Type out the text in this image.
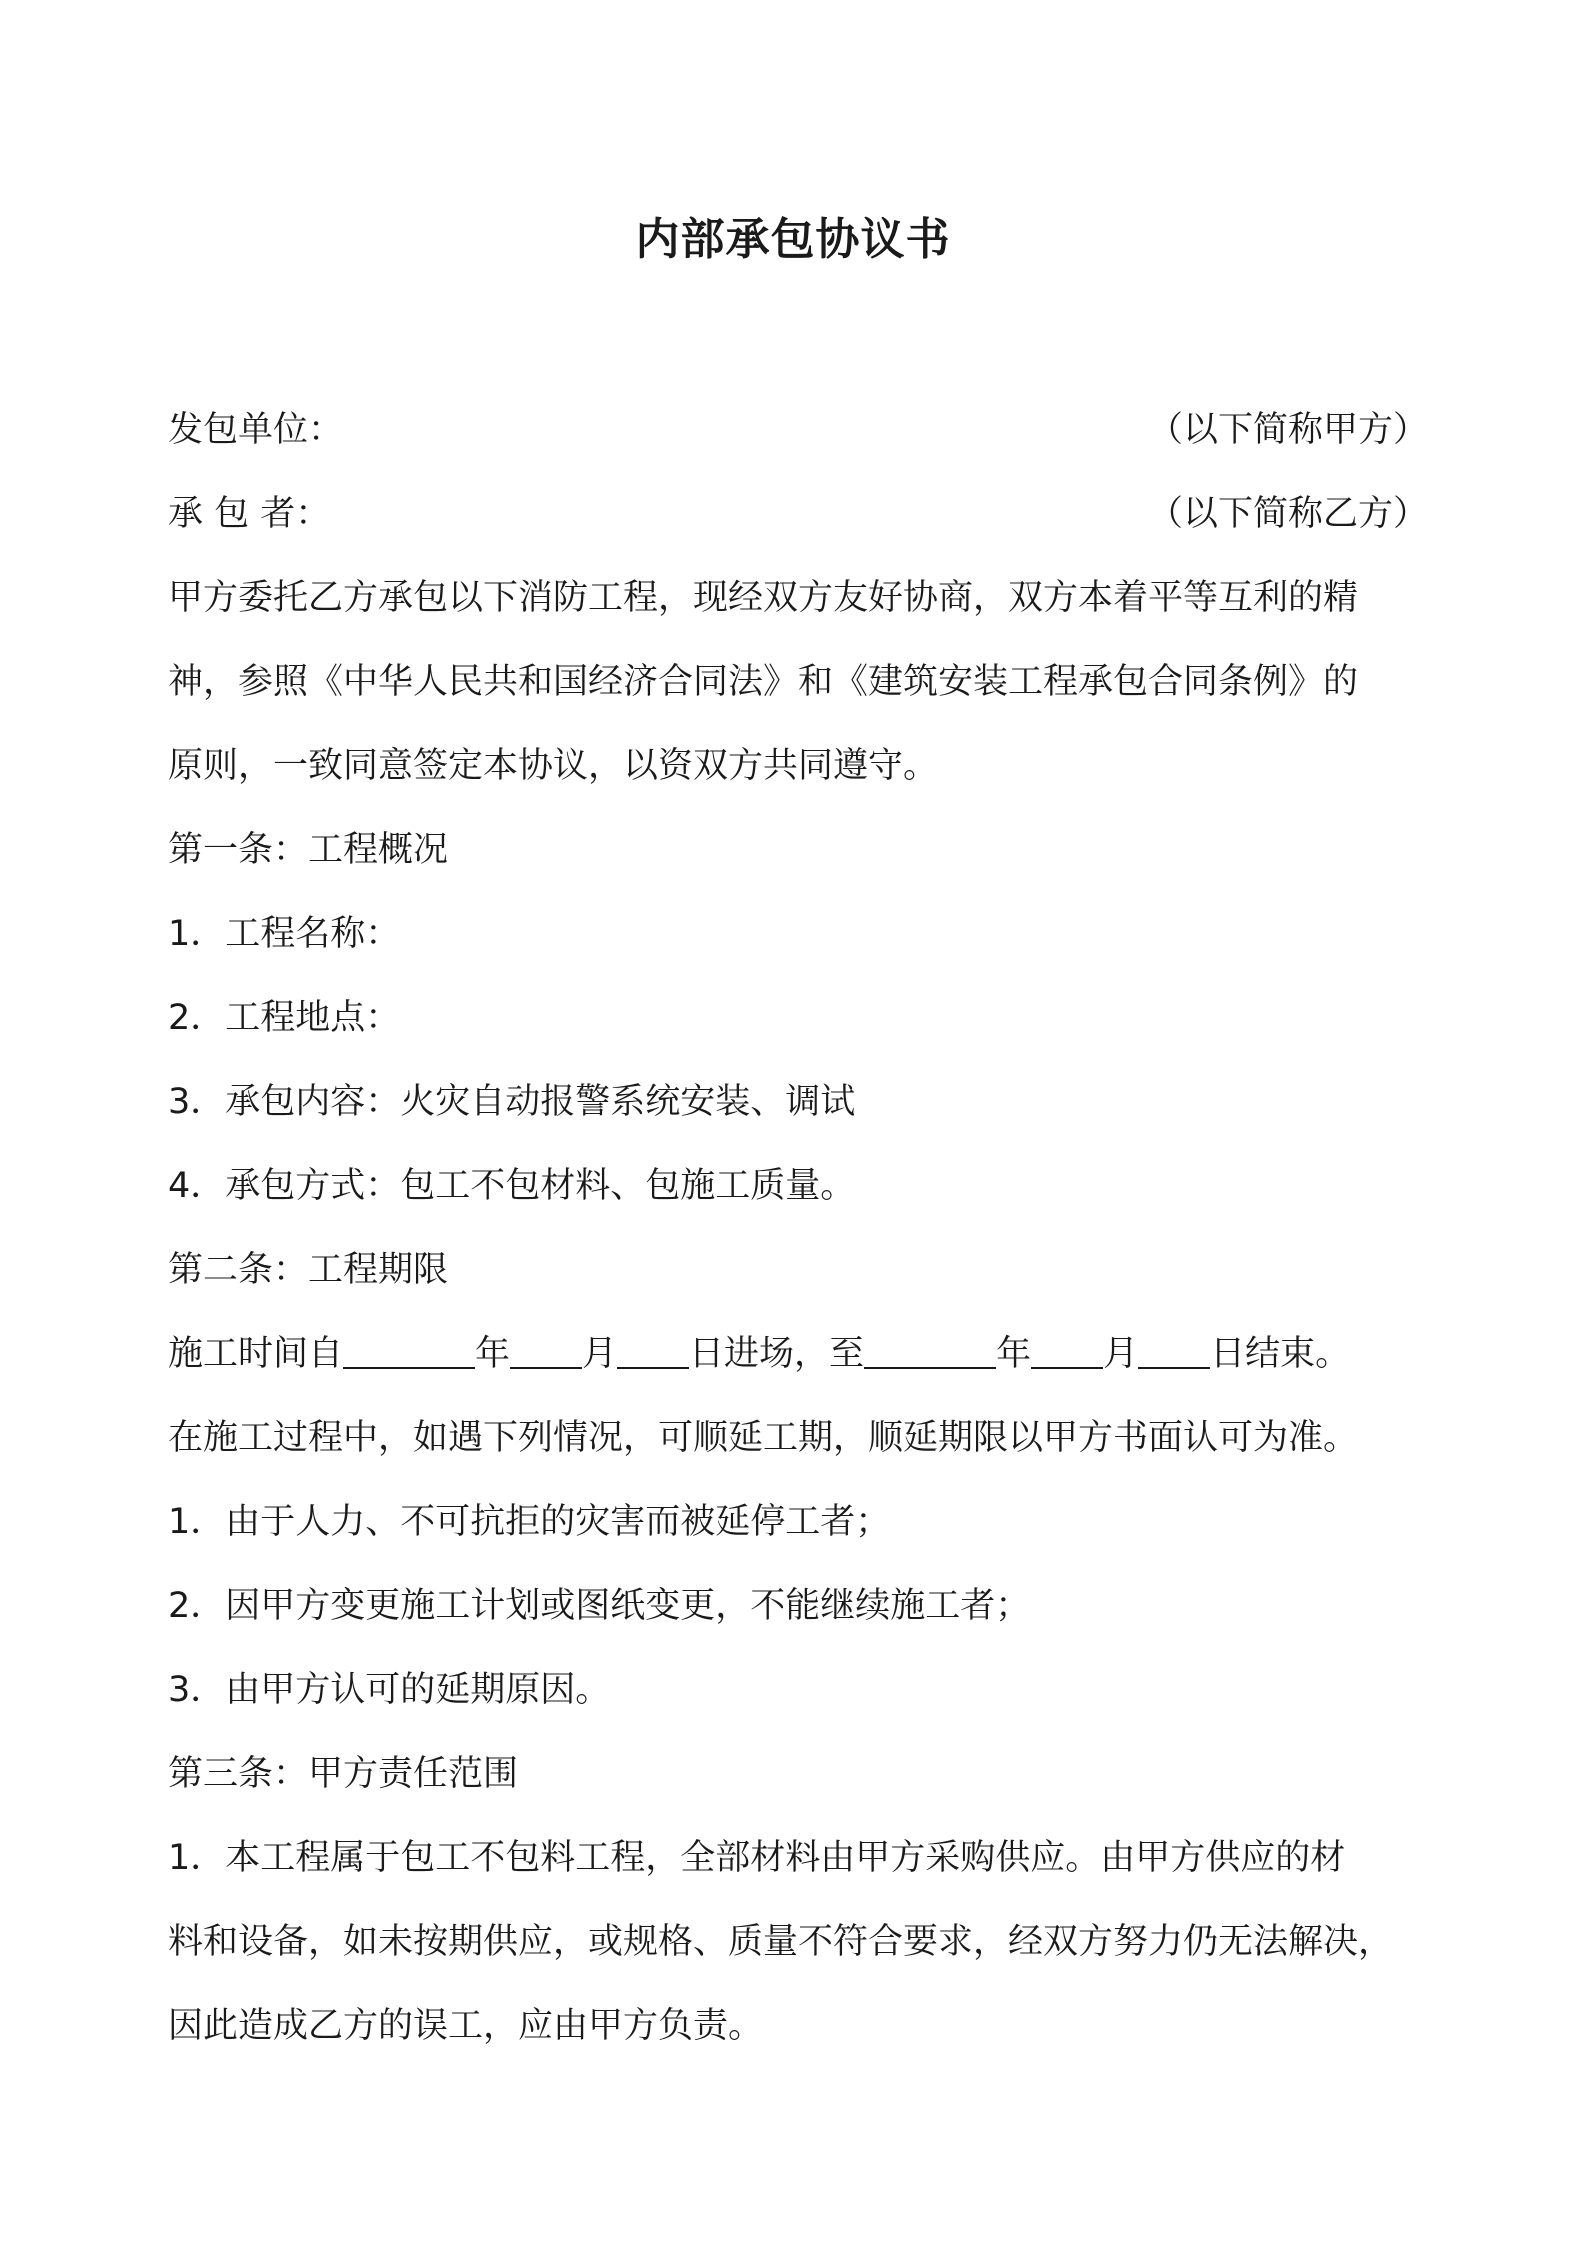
内部承包协议书
发包单位：	（以下简称甲方）
承 包 者：	（以下简称乙方）
甲方委托乙方承包以下消防工程，现经双方友好协商，双方本着平等互利的精
神，参照《中华人民共和国经济合同法》和《建筑安装工程承包合同条例》的
原则，一致同意签定本协议，以资双方共同遵守。
第一条：工程概况
1．工程名称：
2．工程地点：
3．承包内容：火灾自动报警系统安装、调试
4．承包方式：包工不包材料、包施工质量。
第二条：工程期限
施工时间自	年 月 日进场，至	年 月 日结束。
在施工过程中，如遇下列情况，可顺延工期，顺延期限以甲方书面认可为准。
1．由于人力、不可抗拒的灾害而被延停工者；
2．因甲方变更施工计划或图纸变更，不能继续施工者；
3．由甲方认可的延期原因。
第三条：甲方责任范围
1．本工程属于包工不包料工程，全部材料由甲方采购供应。由甲方供应的材
料和设备，如未按期供应，或规格、质量不符合要求，经双方努力仍无法解决，
因此造成乙方的误工，应由甲方负责。
